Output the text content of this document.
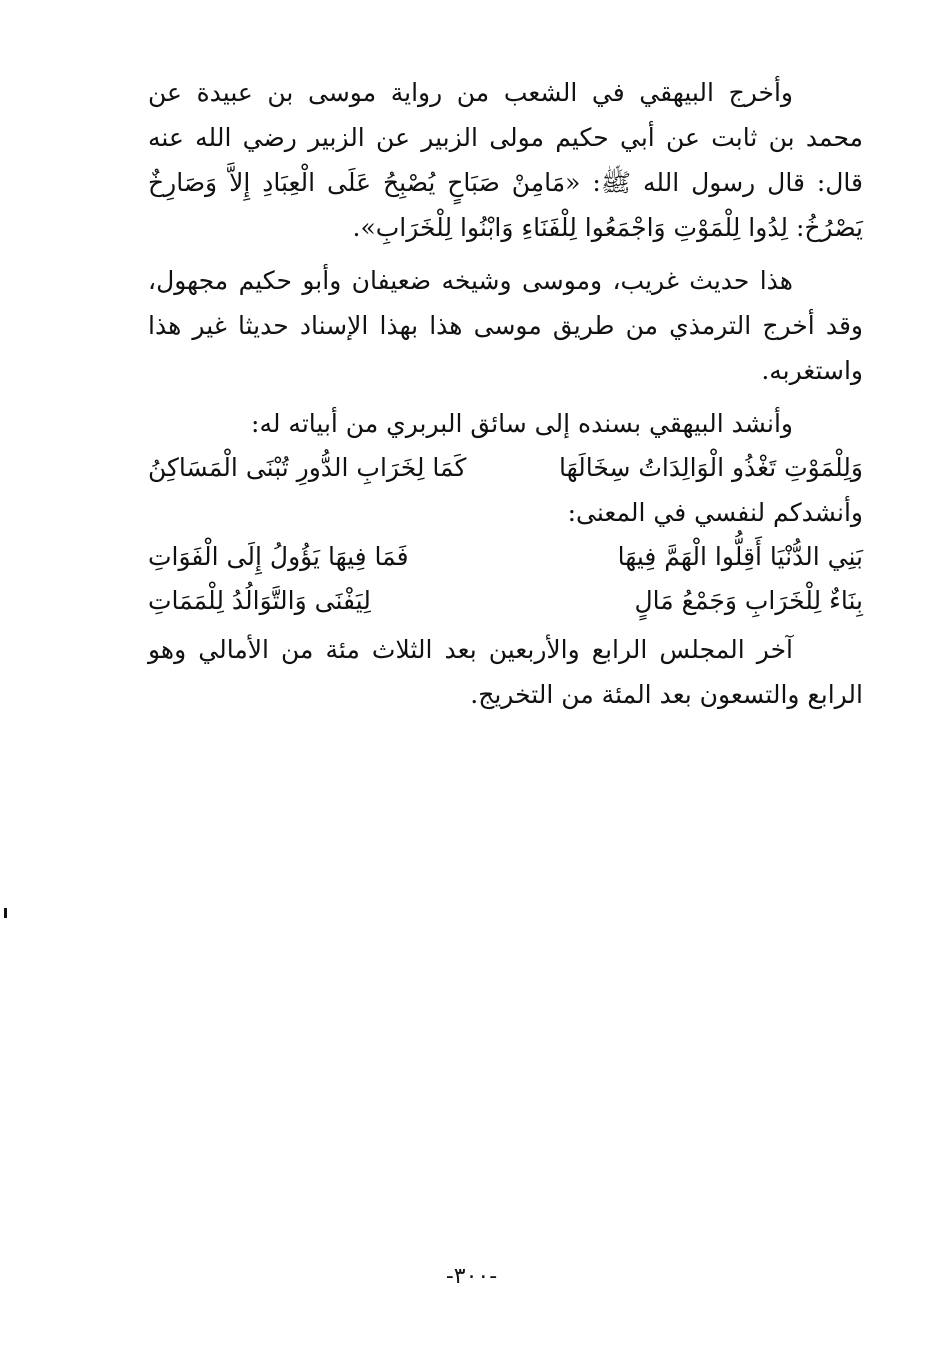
وأخرج البيهقي في الشعب من رواية موسى بن عبيدة عن محمد بن ثابت عن أبي حكيم مولى الزبير عن الزبير رضي الله عنه قال: قال رسول الله ﷺ: «مَامِنْ صَبَاحٍ يُصْبِحُ عَلَى الْعِبَادِ إِلاَّ وَصَارِخٌ يَصْرُخُ: لِدُوا لِلْمَوْتِ وَاجْمَعُوا لِلْفَنَاءِ وَابْنُوا لِلْخَرَابِ».

هذا حديث غريب، وموسى وشيخه ضعيفان وأبو حكيم مجهول، وقد أخرج الترمذي من طريق موسى هذا بهذا الإسناد حديثا غير هذا واستغربه.

وأنشد البيهقي بسنده إلى سائق البربري من أبياته له:

وَلِلْمَوْتِ تَغْذُو الْوَالِدَاتُ سِخَالَهَا
كَمَا لِخَرَابِ الدُّورِ تُبْنَى الْمَسَاكِنُ

وأنشدكم لنفسي في المعنى:

بَنِي الدُّنْيَا أَقِلُّوا الْهَمَّ فِيهَا
فَمَا فِيهَا يَؤُولُ إِلَى الْفَوَاتِ
بِنَاءٌ لِلْخَرَابِ وَجَمْعُ مَالٍ
لِيَفْنَى وَالتَّوَالُدُ لِلْمَمَاتِ

آخر المجلس الرابع والأربعين بعد الثلاث مئة من الأمالي وهو الرابع والتسعون بعد المئة من التخريج.

-٣٠٠-
